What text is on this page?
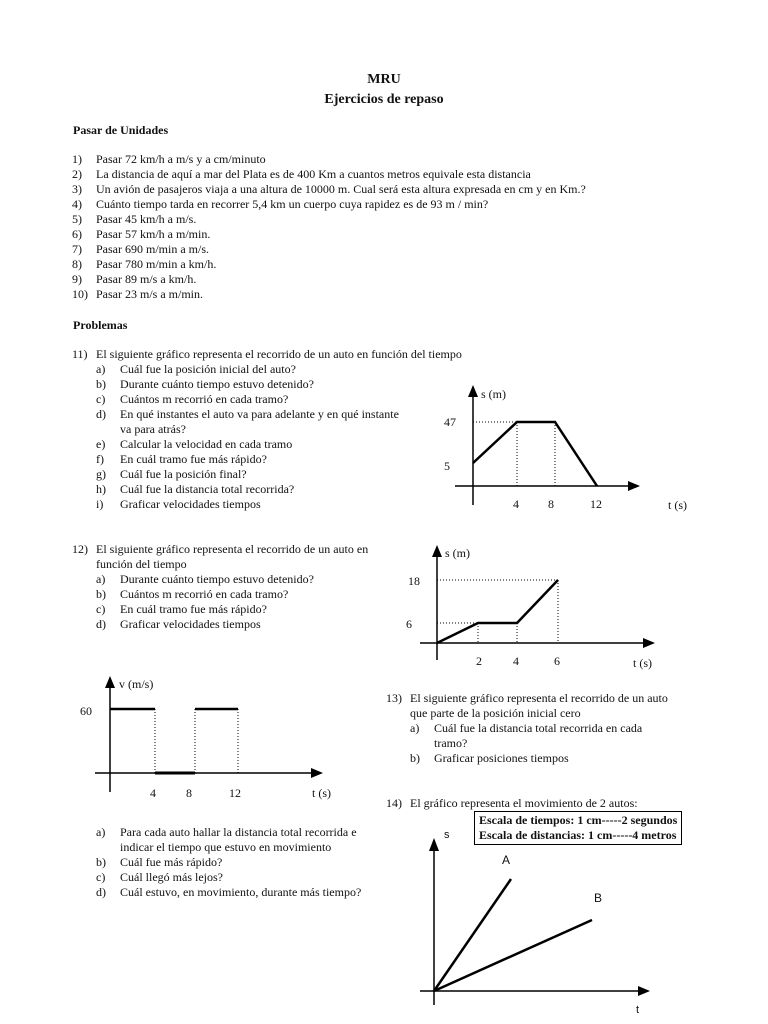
MRU
Ejercicios de repaso
Pasar de Unidades
1)	Pasar 72 km/h a m/s y a cm/minuto
2)	La distancia de aquí a mar del Plata es de 400 Km a cuantos metros equivale esta distancia
3)	Un avión de pasajeros viaja a una altura de 10000 m. Cual será esta altura expresada en cm y en Km.?
4)	Cuánto tiempo tarda en recorrer 5,4 km un cuerpo cuya rapidez es de 93 m / min?
5)	Pasar 45 km/h a m/s.
6)	Pasar 57 km/h a m/min.
7)	Pasar 690 m/min a m/s.
8)	Pasar 780 m/min a km/h.
9)	Pasar 89 m/s a km/h.
10) Pasar 23 m/s a m/min.
Problemas
11) El siguiente gráfico representa el recorrido de un auto en función del tiempo
a)	Cuál fue la posición inicial del auto?
b)	Durante cuánto tiempo estuvo detenido?
c)	Cuántos m recorrió en cada tramo?
d)	En qué instantes el auto va para adelante y en qué instante
va para atrás?
e)	Calcular la velocidad en cada tramo
f)	En cuál tramo fue más rápido?
g)	Cuál fue la posición final?
h)	Cuál fue la distancia total recorrida?
i)	Graficar velocidades tiempos
s (m)
47
5
4 8	12	t (s)
12) El siguiente gráfico representa el recorrido de un auto en
función del tiempo
a)	Durante cuánto tiempo estuvo detenido?
b)	Cuántos m recorrió en cada tramo?
c)	En cuál tramo fue más rápido?
d)	Graficar velocidades tiempos
s (m)
18
6
2	4	6	t (s)
v (m/s)
60
4	8	12	t (s)
13) El siguiente gráfico representa el recorrido de un auto
que parte de la posición inicial cero
a)	Cuál fue la distancia total recorrida en cada
tramo?
b)	Graficar posiciones tiempos
14) El gráfico representa el movimiento de 2 autos:
Escala de tiempos: 1 cm-----2 segundos
Escala de distancias: 1 cm-----4 metros
a)	Para cada auto hallar la distancia total recorrida e
indicar el tiempo que estuvo en movimiento
b)	Cuál fue más rápido?
c)	Cuál llegó más lejos?
d)	Cuál estuvo, en movimiento, durante más tiempo?
s
A
B
t
